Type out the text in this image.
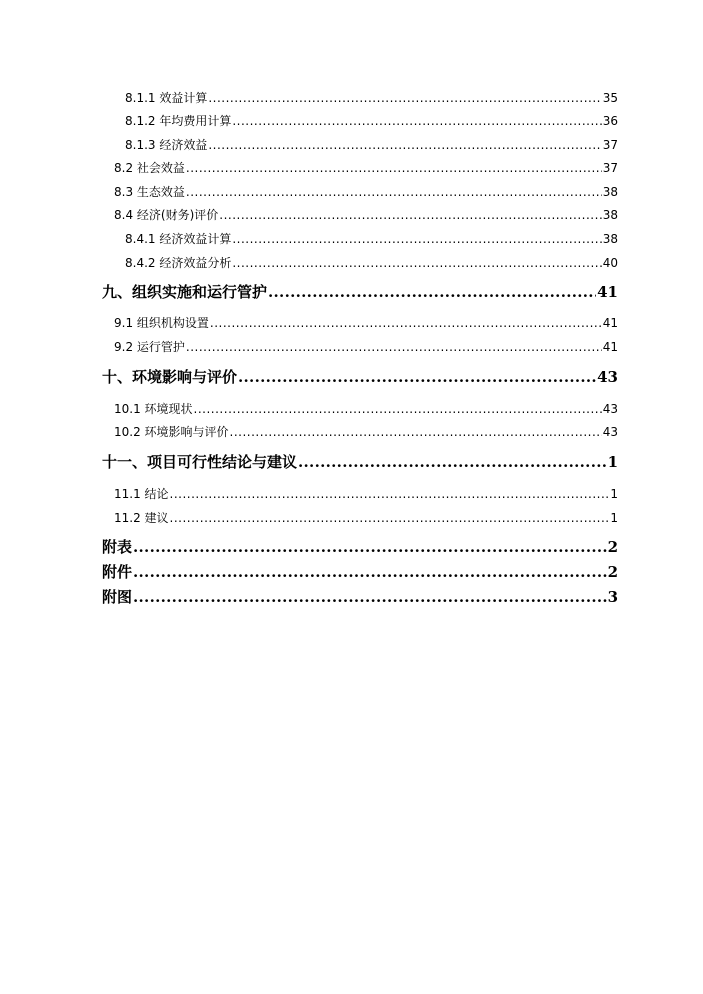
8.1.1 效益计算 .....	35
8.1.2 年均费用计算 .....	36
8.1.3 经济效益 .....	37
8.2 社会效益 .....	37
8.3 生态效益 .....	38
8.4 经济(财务)评价 .....	38
8.4.1 经济效益计算 .....	38
8.4.2 经济效益分析 .....	40
九、组织实施和运行管护 .....	41
9.1 组织机构设置 .....	41
9.2 运行管护 .....	41
十、环境影响与评价 .....	43
10.1 环境现状 .....	43
10.2 环境影响与评价 .....	43
十一、项目可行性结论与建议 .....	1
11.1 结论 .....	1
11.2 建议 .....	1
附表 .....	2
附件 .....	2
附图 .....	3
